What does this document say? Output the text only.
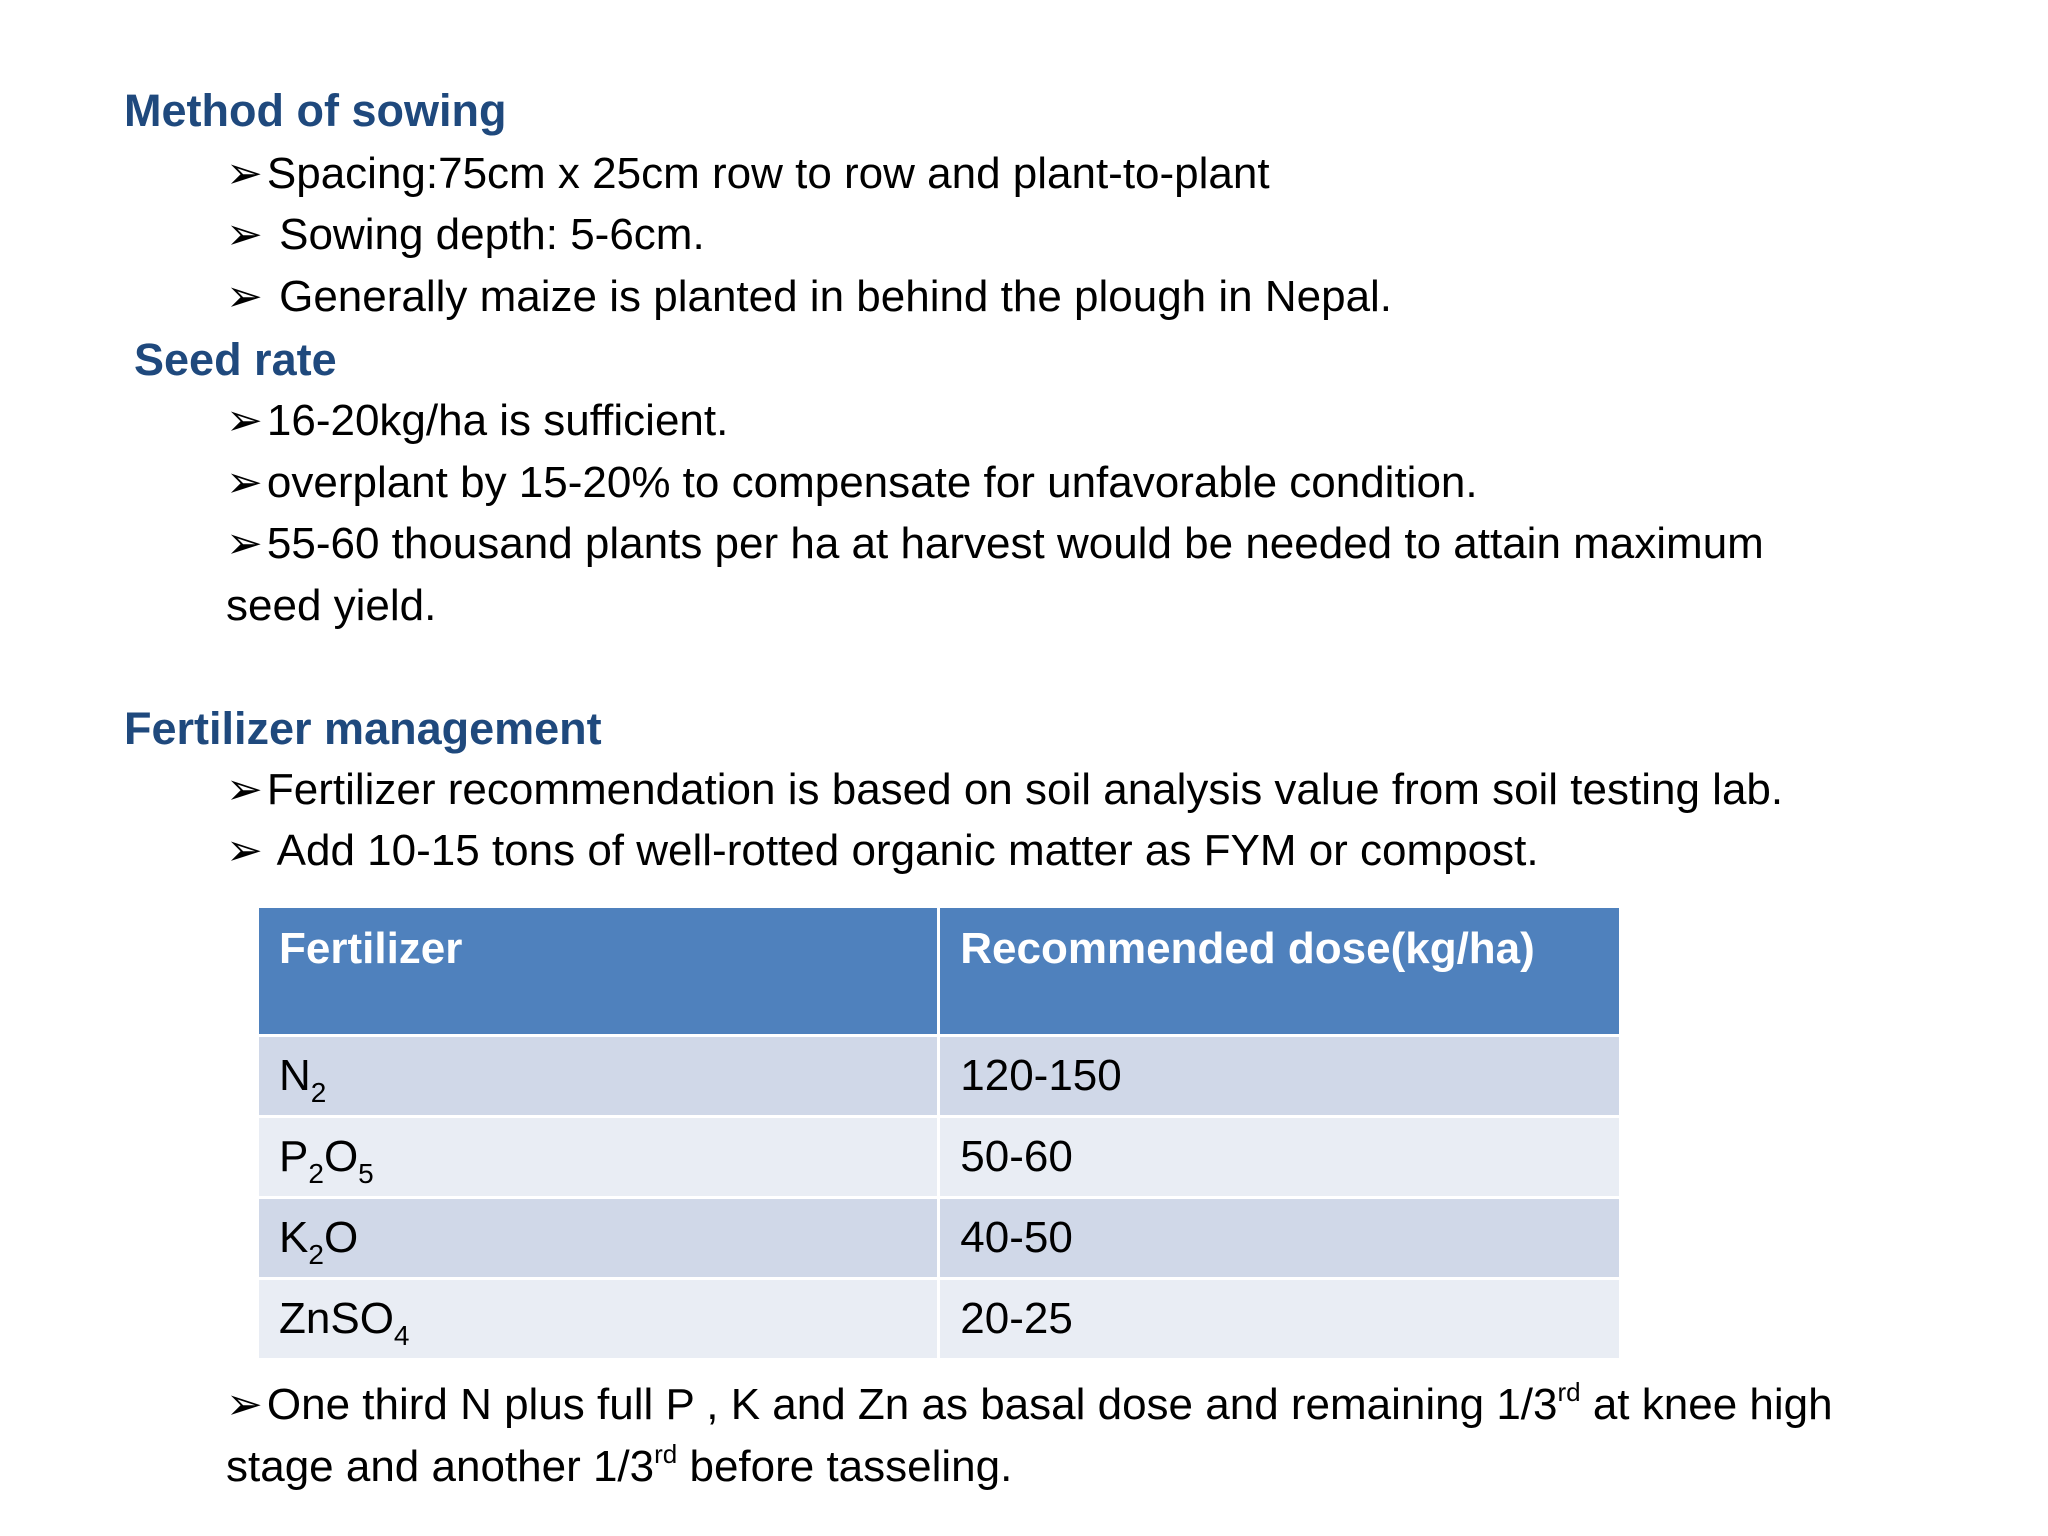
Method of sowing
➢Spacing:75cm x 25cm row to row and plant-to-plant
➢ Sowing depth: 5-6cm.
➢ Generally maize is planted in behind the plough in Nepal.
Seed rate
➢16-20kg/ha is sufficient.
➢overplant by 15-20% to compensate for unfavorable condition.
➢55-60 thousand plants per ha at harvest would be needed to attain maximum
seed yield.
Fertilizer management
➢Fertilizer recommendation is based on soil analysis value from soil testing lab.
➢ Add 10-15 tons of well-rotted organic matter as FYM or compost.
Fertilizer	Recommended dose(kg/ha)
$N_2$	120-150
$P_2O_5$	50-60
$K_2O$	40-50
ZnSO$_4$	20-25
➢One third N plus full P , K and Zn as basal dose and remaining 1/3rd at knee high
stage and another 1/3rd before tasseling.
